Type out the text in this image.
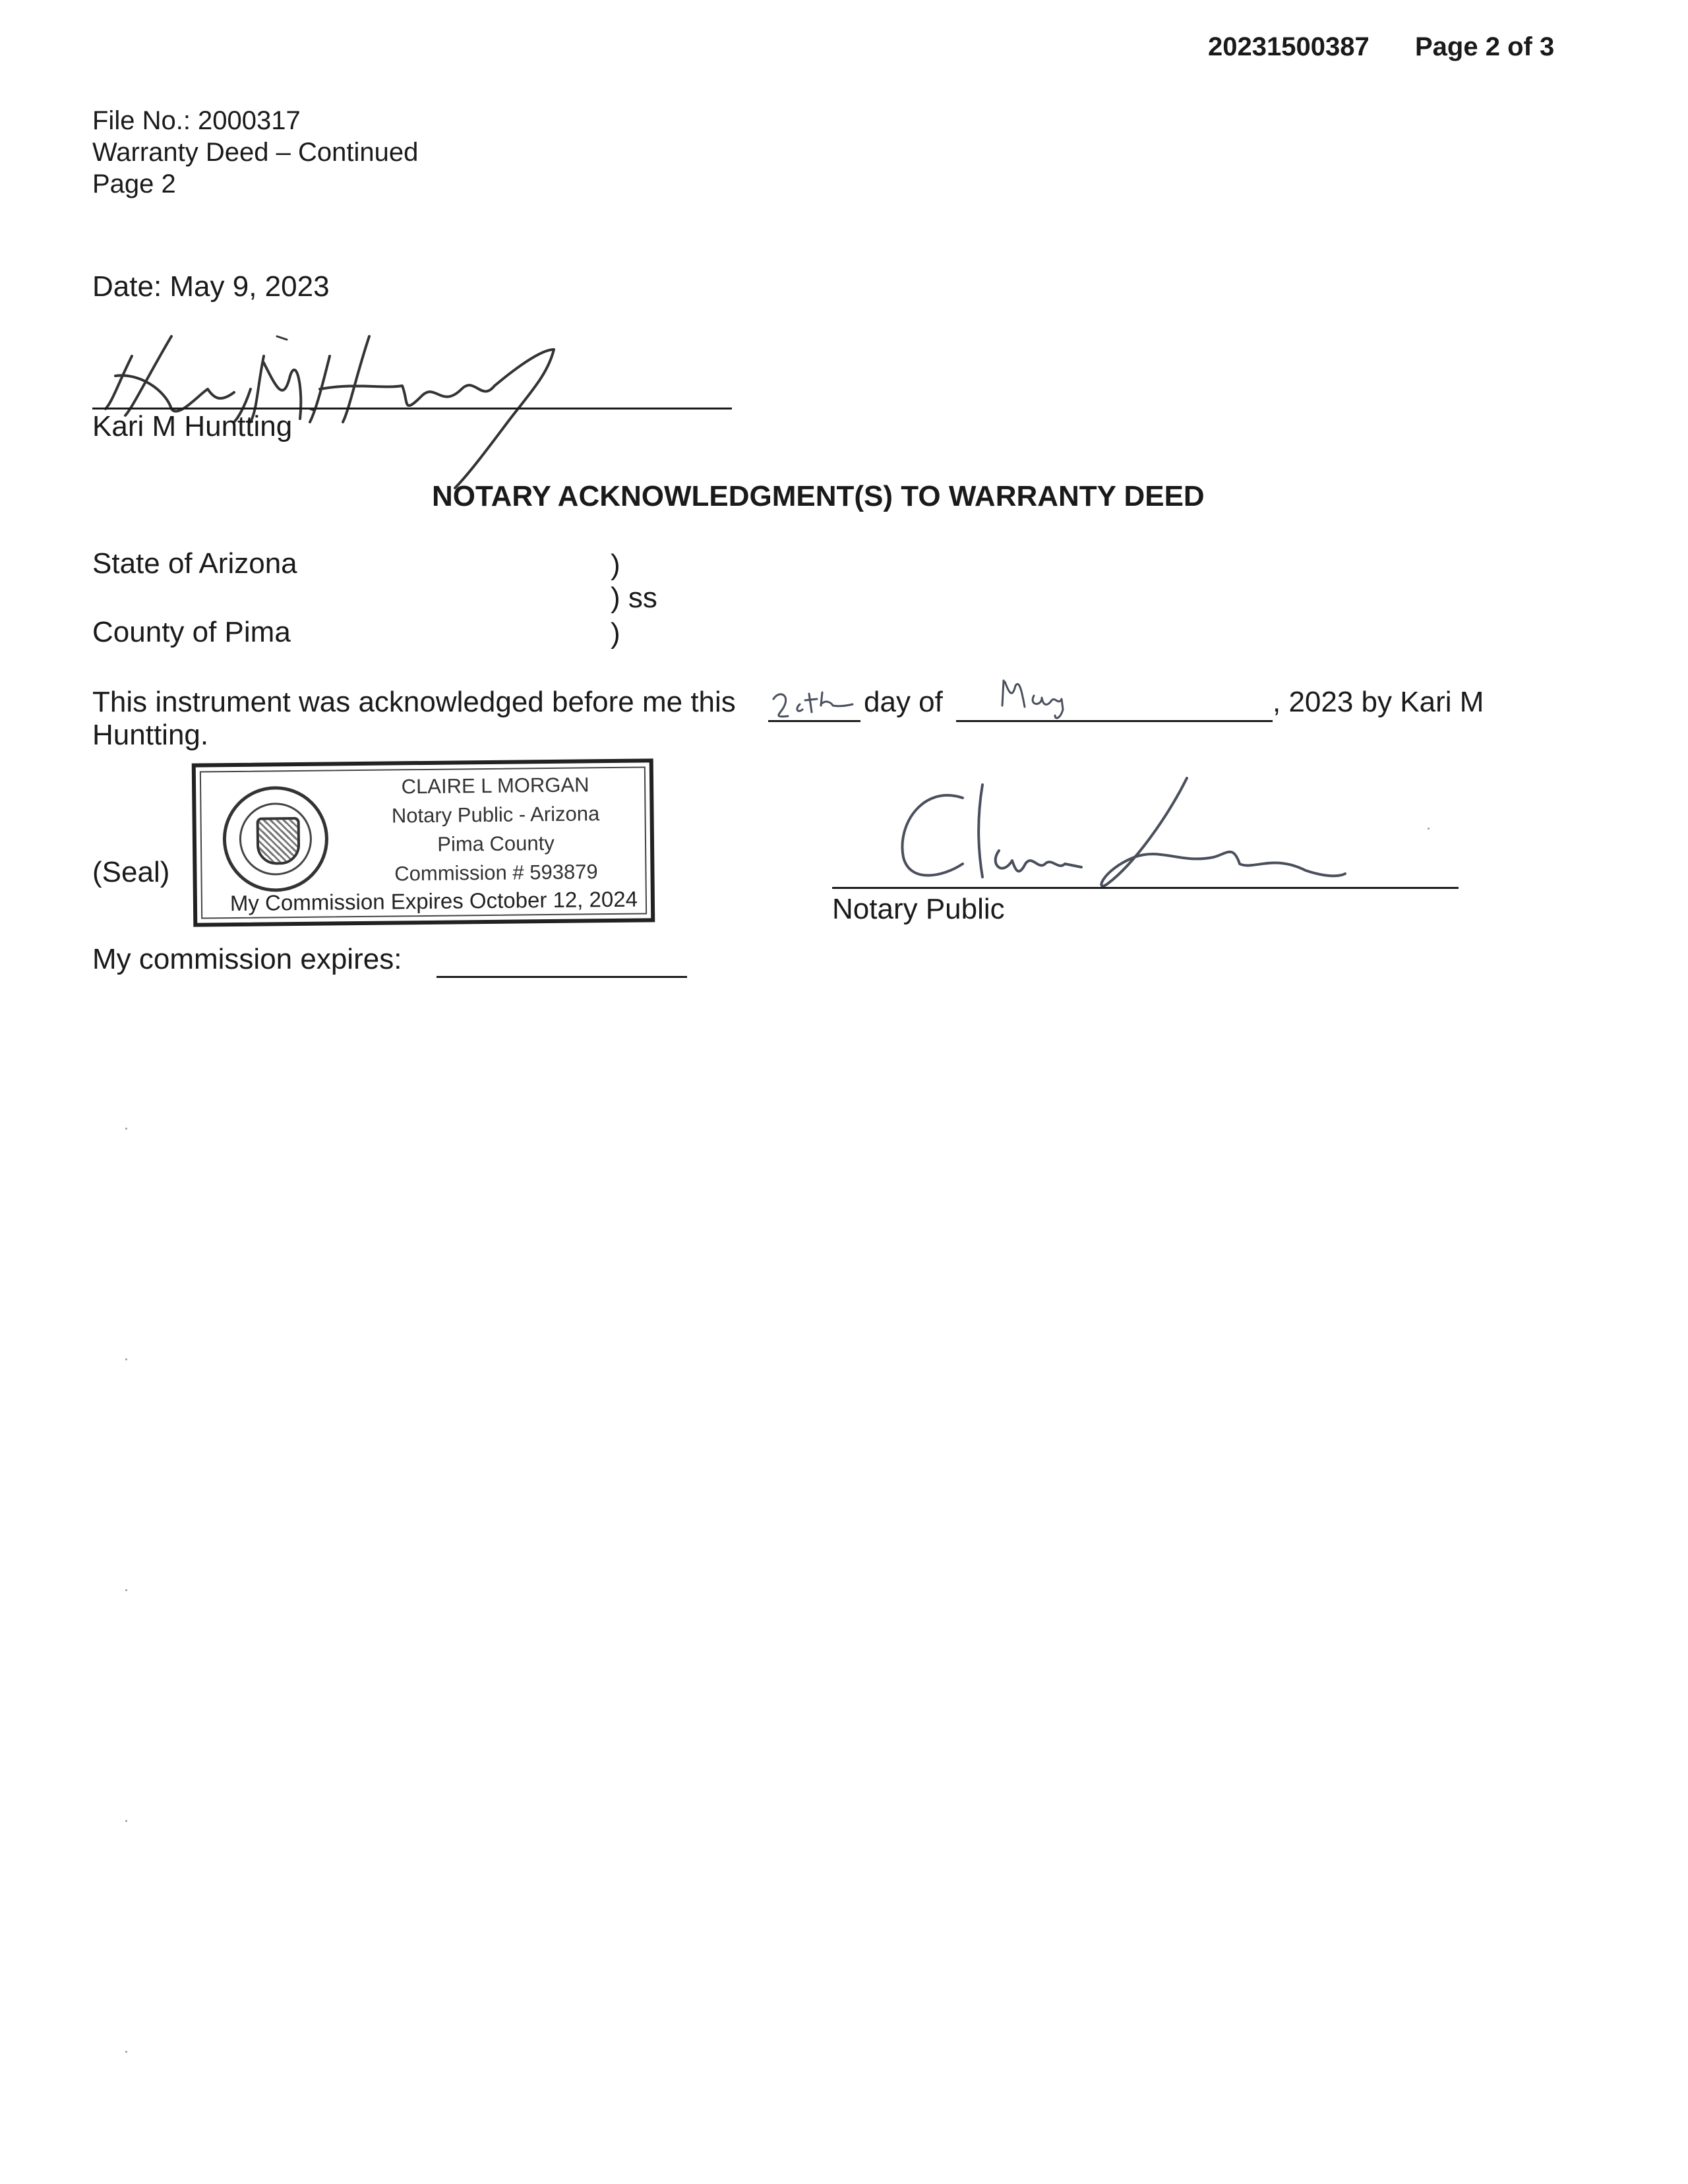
20231500387 Page 2 of 3
File No.: 2000317
Warranty Deed – Continued
Page 2
Date: May 9, 2023
Kari M Huntting
NOTARY ACKNOWLEDGMENT(S) TO WARRANTY DEED
State of Arizona	)
) ss
County of Pima	)
This instrument was acknowledged before me this	day of	, 2023 by Kari M
Huntting.
(Seal)
CLAIRE L MORGAN
Notary Public - Arizona
Pima County
Commission # 593879
My Commission Expires October 12, 2024	Notary Public
My commission expires:
